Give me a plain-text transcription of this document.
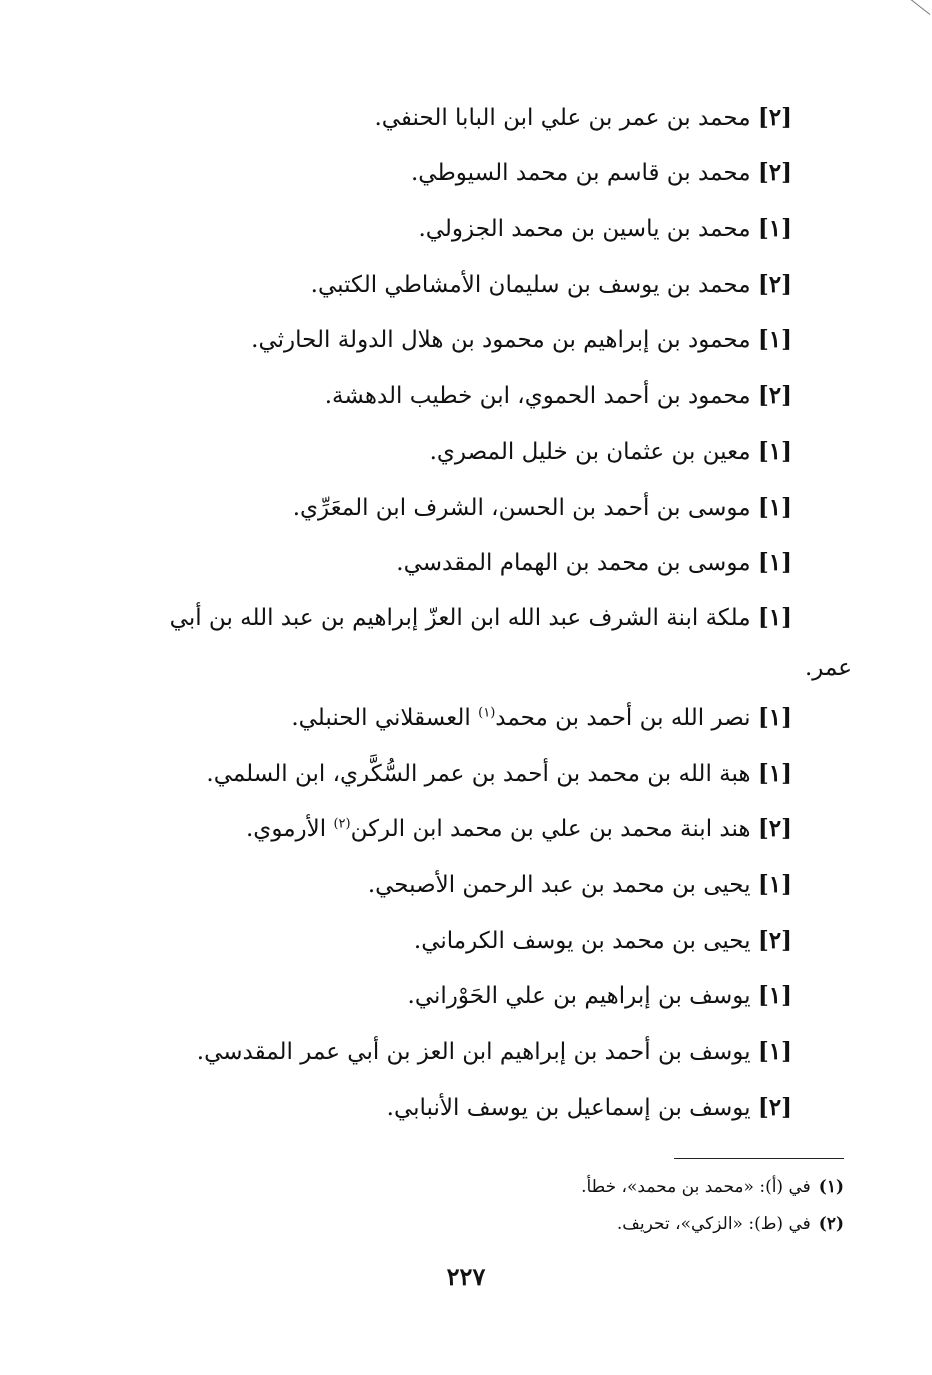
[٢] محمد بن عمر بن علي ابن البابا الحنفي.
[٢] محمد بن قاسم بن محمد السيوطي.
[١] محمد بن ياسين بن محمد الجزولي.
[٢] محمد بن يوسف بن سليمان الأمشاطي الكتبي.
[١] محمود بن إبراهيم بن محمود بن هلال الدولة الحارثي.
[٢] محمود بن أحمد الحموي، ابن خطيب الدهشة.
[١] معين بن عثمان بن خليل المصري.
[١] موسى بن أحمد بن الحسن، الشرف ابن المعَرِّي.
[١] موسى بن محمد بن الهمام المقدسي.
[١] ملكة ابنة الشرف عبد الله ابن العزّ إبراهيم بن عبد الله بن أبي
عمر.
[١] نصر الله بن أحمد بن محمد$^{(١)}$ العسقلاني الحنبلي.
[١] هبة الله بن محمد بن أحمد بن عمر السُّكَّري، ابن السلمي.
[٢] هند ابنة محمد بن علي بن محمد ابن الركن$^{(٢)}$ الأرموي.
[١] يحيى بن محمد بن عبد الرحمن الأصبحي.
[٢] يحيى بن محمد بن يوسف الكرماني.
[١] يوسف بن إبراهيم بن علي الحَوْراني.
[١] يوسف بن أحمد بن إبراهيم ابن العز بن أبي عمر المقدسي.
[٢] يوسف بن إسماعيل بن يوسف الأنبابي.
(١)في (أ): «محمد بن محمد»، خطأ.
(٢)في (ط): «الزكي»، تحريف.
٢٢٧
